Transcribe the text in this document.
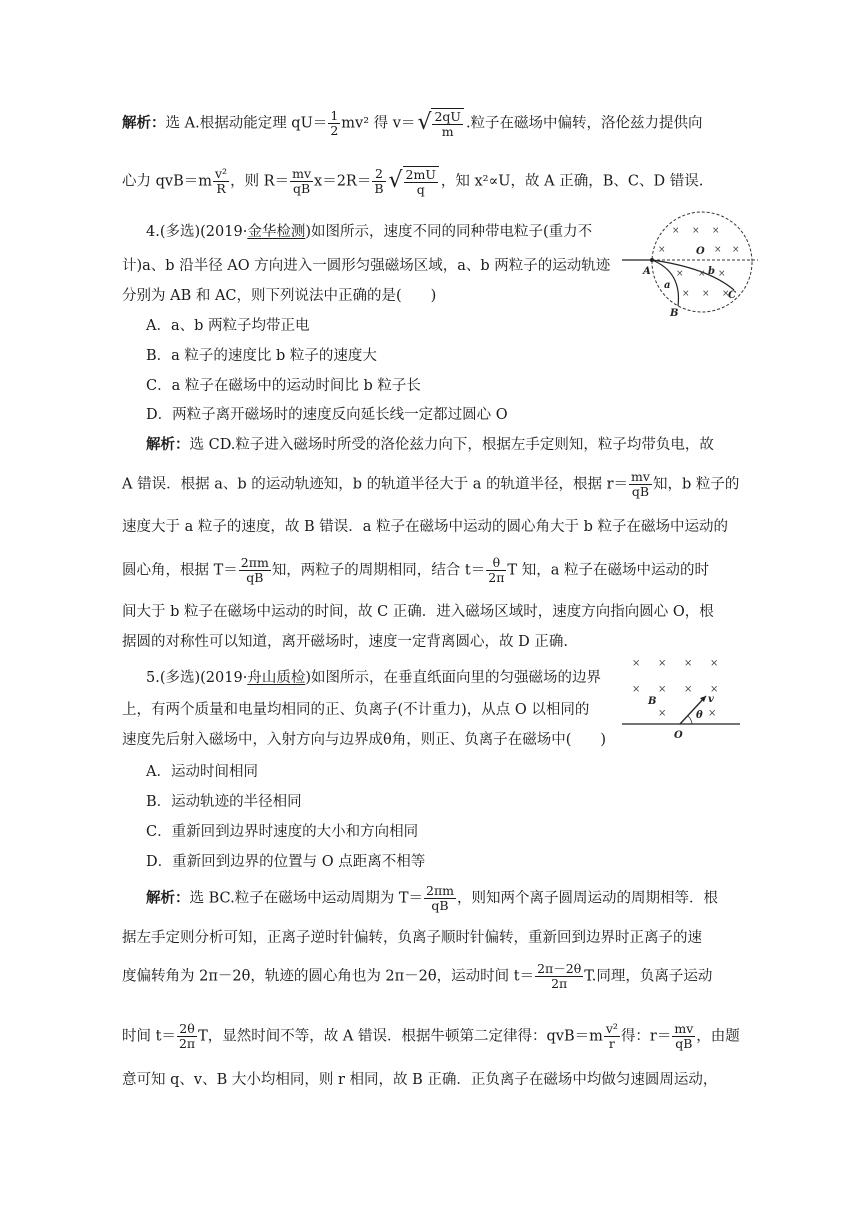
解析：选 A.根据动能定理 $qU= \frac{1}{2} mv^2$ 得 v＝ √ $\frac{2qU}{m}$ .粒子在磁场中偏转，洛伦兹力提供向
心力 $qvB=m \frac{\text{v²}}{R}$ ，则 $R= \frac{mv}{qB} x=2R= \frac{2}{B}$ √ $\frac{2mU}{q}$ ，知 x²∝U，故 A 正确，B、C、D 错误.
4.(多选)(2019·金华检测)如图所示，速度不同的同种带电粒子(重力不
计)a、b 沿半径 AO 方向进入一圆形匀强磁场区域，a、b 两粒子的运动轨迹
分别为 AB 和 AC，则下列说法中正确的是(　　)
A．a、b 两粒子均带正电
B．a 粒子的速度比 b 粒子的速度大
C．a 粒子在磁场中的运动时间比 b 粒子长
D．两粒子离开磁场时的速度反向延长线一定都过圆心 O
× × ×
×	× ×
× × ×
× × ×
O
A
B
C
a
b
解析：选 CD.粒子进入磁场时所受的洛伦兹力向下，根据左手定则知，粒子均带负电，故
A 错误．根据 a、b 的运动轨迹知，b 的轨道半径大于 a 的轨道半径，根据 $r= \frac{mv}{qB}$ 知，b 粒子的
速度大于 a 粒子的速度，故 B 错误．a 粒子在磁场中运动的圆心角大于 b 粒子在磁场中运动的
圆心角，根据 $T= \frac{2\pi m}{qB}$ 知，两粒子的周期相同，结合 $t= \frac{\theta}{2\pi}$ T 知，a 粒子在磁场中运动的时
间大于 b 粒子在磁场中运动的时间，故 C 正确．进入磁场区域时，速度方向指向圆心 O，根
据圆的对称性可以知道，离开磁场时，速度一定背离圆心，故 D 正确.
5.(多选)(2019·舟山质检)如图所示，在垂直纸面向里的匀强磁场的边界
上，有两个质量和电量均相同的正、负离子(不计重力)，从点 O 以相同的
速度先后射入磁场中，入射方向与边界成θ角，则正、负离子在磁场中(　　)
A．运动时间相同
B．运动轨迹的半径相同
C．重新回到边界时速度的大小和方向相同
D．重新回到边界的位置与 O 点距离不相等
× × × ×
× × × ×
×	×
B
O
v
θ
解析：选 BC.粒子在磁场中运动周期为 $T= \frac{2\pi m}{qB}$ ，则知两个离子圆周运动的周期相等．根
据左手定则分析可知，正离子逆时针偏转，负离子顺时针偏转，重新回到边界时正离子的速
度偏转角为 2π－2θ，轨迹的圆心角也为 2π－2θ，运动时间 $t= \frac{2\pi-2\theta}{2\pi} T$.同理，负离子运动
时间 $t= \frac{2\theta}{2\pi}$ T，显然时间不等，故 A 错误．根据牛顿第二定律得：$qvB=m \frac{\text{v²}}{r}$ 得：$r= \frac{mv}{qB}$ ，由题
意可知 q、v、B 大小均相同，则 r 相同，故 B 正确．正负离子在磁场中均做匀速圆周运动，
